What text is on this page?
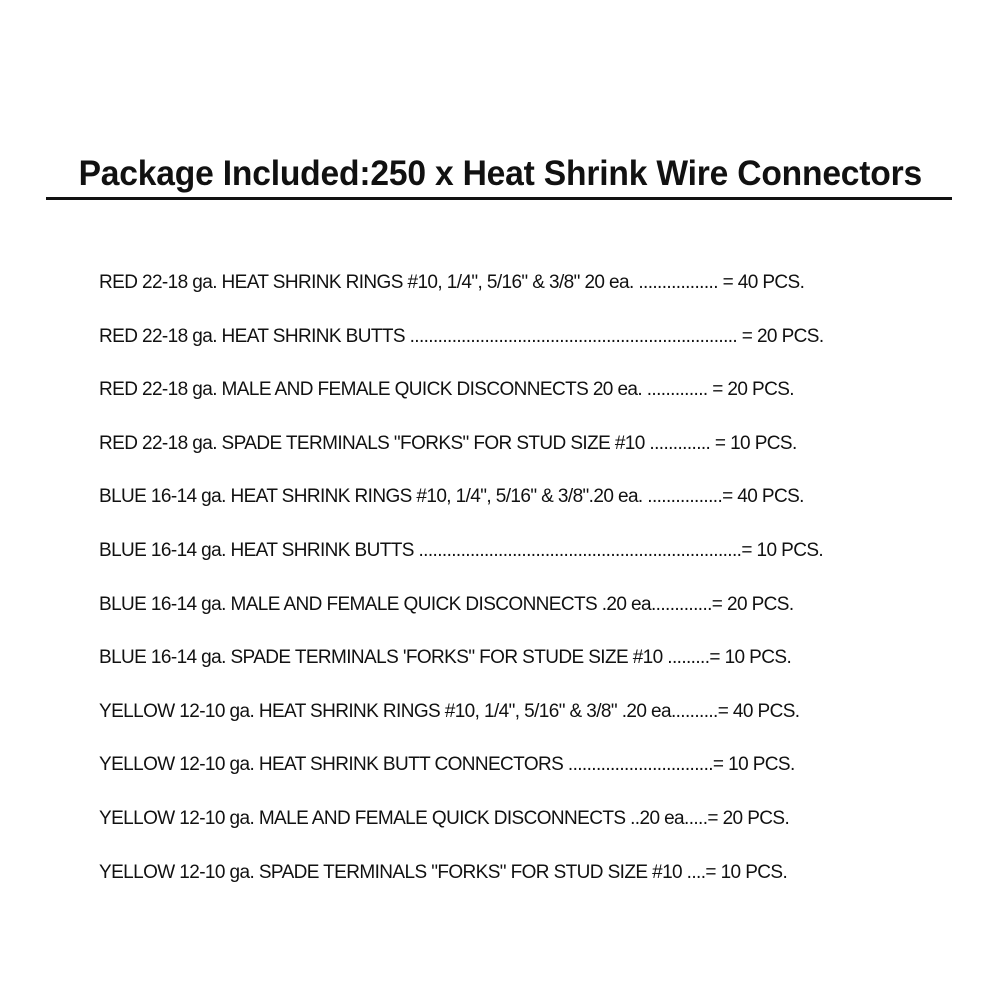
Package Included:250 x Heat Shrink Wire Connectors
RED 22-18 ga. HEAT SHRINK RINGS #10, 1/4", 5/16" & 3/8" 20 ea. ................. = 40 PCS.
RED 22-18 ga. HEAT SHRINK BUTTS ...................................................................... = 20 PCS.
RED 22-18 ga. MALE AND FEMALE QUICK DISCONNECTS 20 ea. ............. = 20 PCS.
RED 22-18 ga. SPADE TERMINALS "FORKS" FOR STUD SIZE #10 ............. = 10 PCS.
BLUE 16-14 ga. HEAT SHRINK RINGS #10, 1/4", 5/16" & 3/8".20 ea. ................= 40 PCS.
BLUE 16-14 ga. HEAT SHRINK BUTTS .....................................................................= 10 PCS.
BLUE 16-14 ga. MALE AND FEMALE QUICK DISCONNECTS .20 ea.............= 20 PCS.
BLUE 16-14 ga. SPADE TERMINALS 'FORKS" FOR STUDE SIZE #10 .........= 10 PCS.
YELLOW 12-10 ga. HEAT SHRINK RINGS #10, 1/4", 5/16" & 3/8" .20 ea..........= 40 PCS.
YELLOW 12-10 ga. HEAT SHRINK BUTT CONNECTORS ...............................= 10 PCS.
YELLOW 12-10 ga. MALE AND FEMALE QUICK DISCONNECTS ..20 ea.....= 20 PCS.
YELLOW 12-10 ga. SPADE TERMINALS "FORKS" FOR STUD SIZE #10 ....= 10 PCS.
